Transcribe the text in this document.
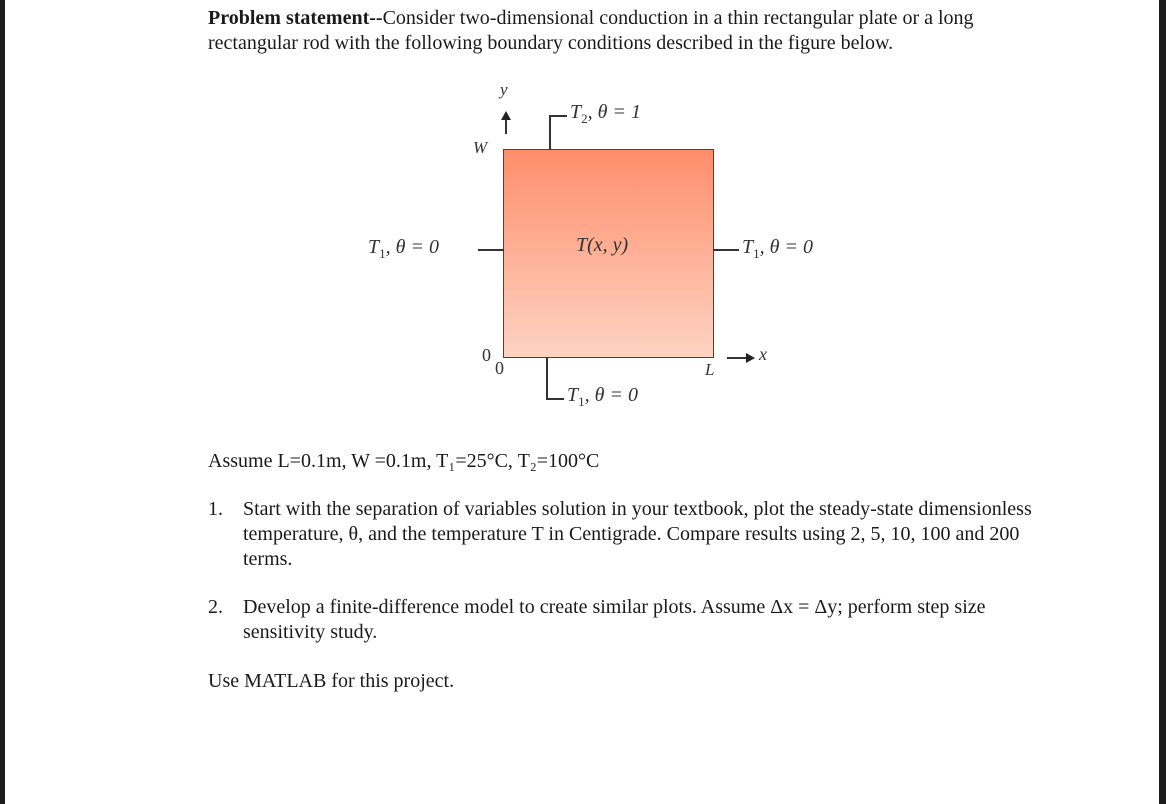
Problem statement--Consider two-dimensional conduction in a thin rectangular plate or a long rectangular rod with the following boundary conditions described in the figure below.
T(x, y)
y
W
$T_2$, θ = 1
$T_1$, θ = 0	$T_1$, θ = 0
$T_1$, θ = 0
0
0	L
x
Assume L=0.1m, W =0.1m, T₁=25°C, T₂=100°C
1. Start with the separation of variables solution in your textbook, plot the steady-state dimensionless temperature, θ, and the temperature T in Centigrade. Compare results using 2, 5, 10, 100 and 200 terms.
2. Develop a finite-difference model to create similar plots. Assume Δx = Δy; perform step size sensitivity study.
Use MATLAB for this project.
